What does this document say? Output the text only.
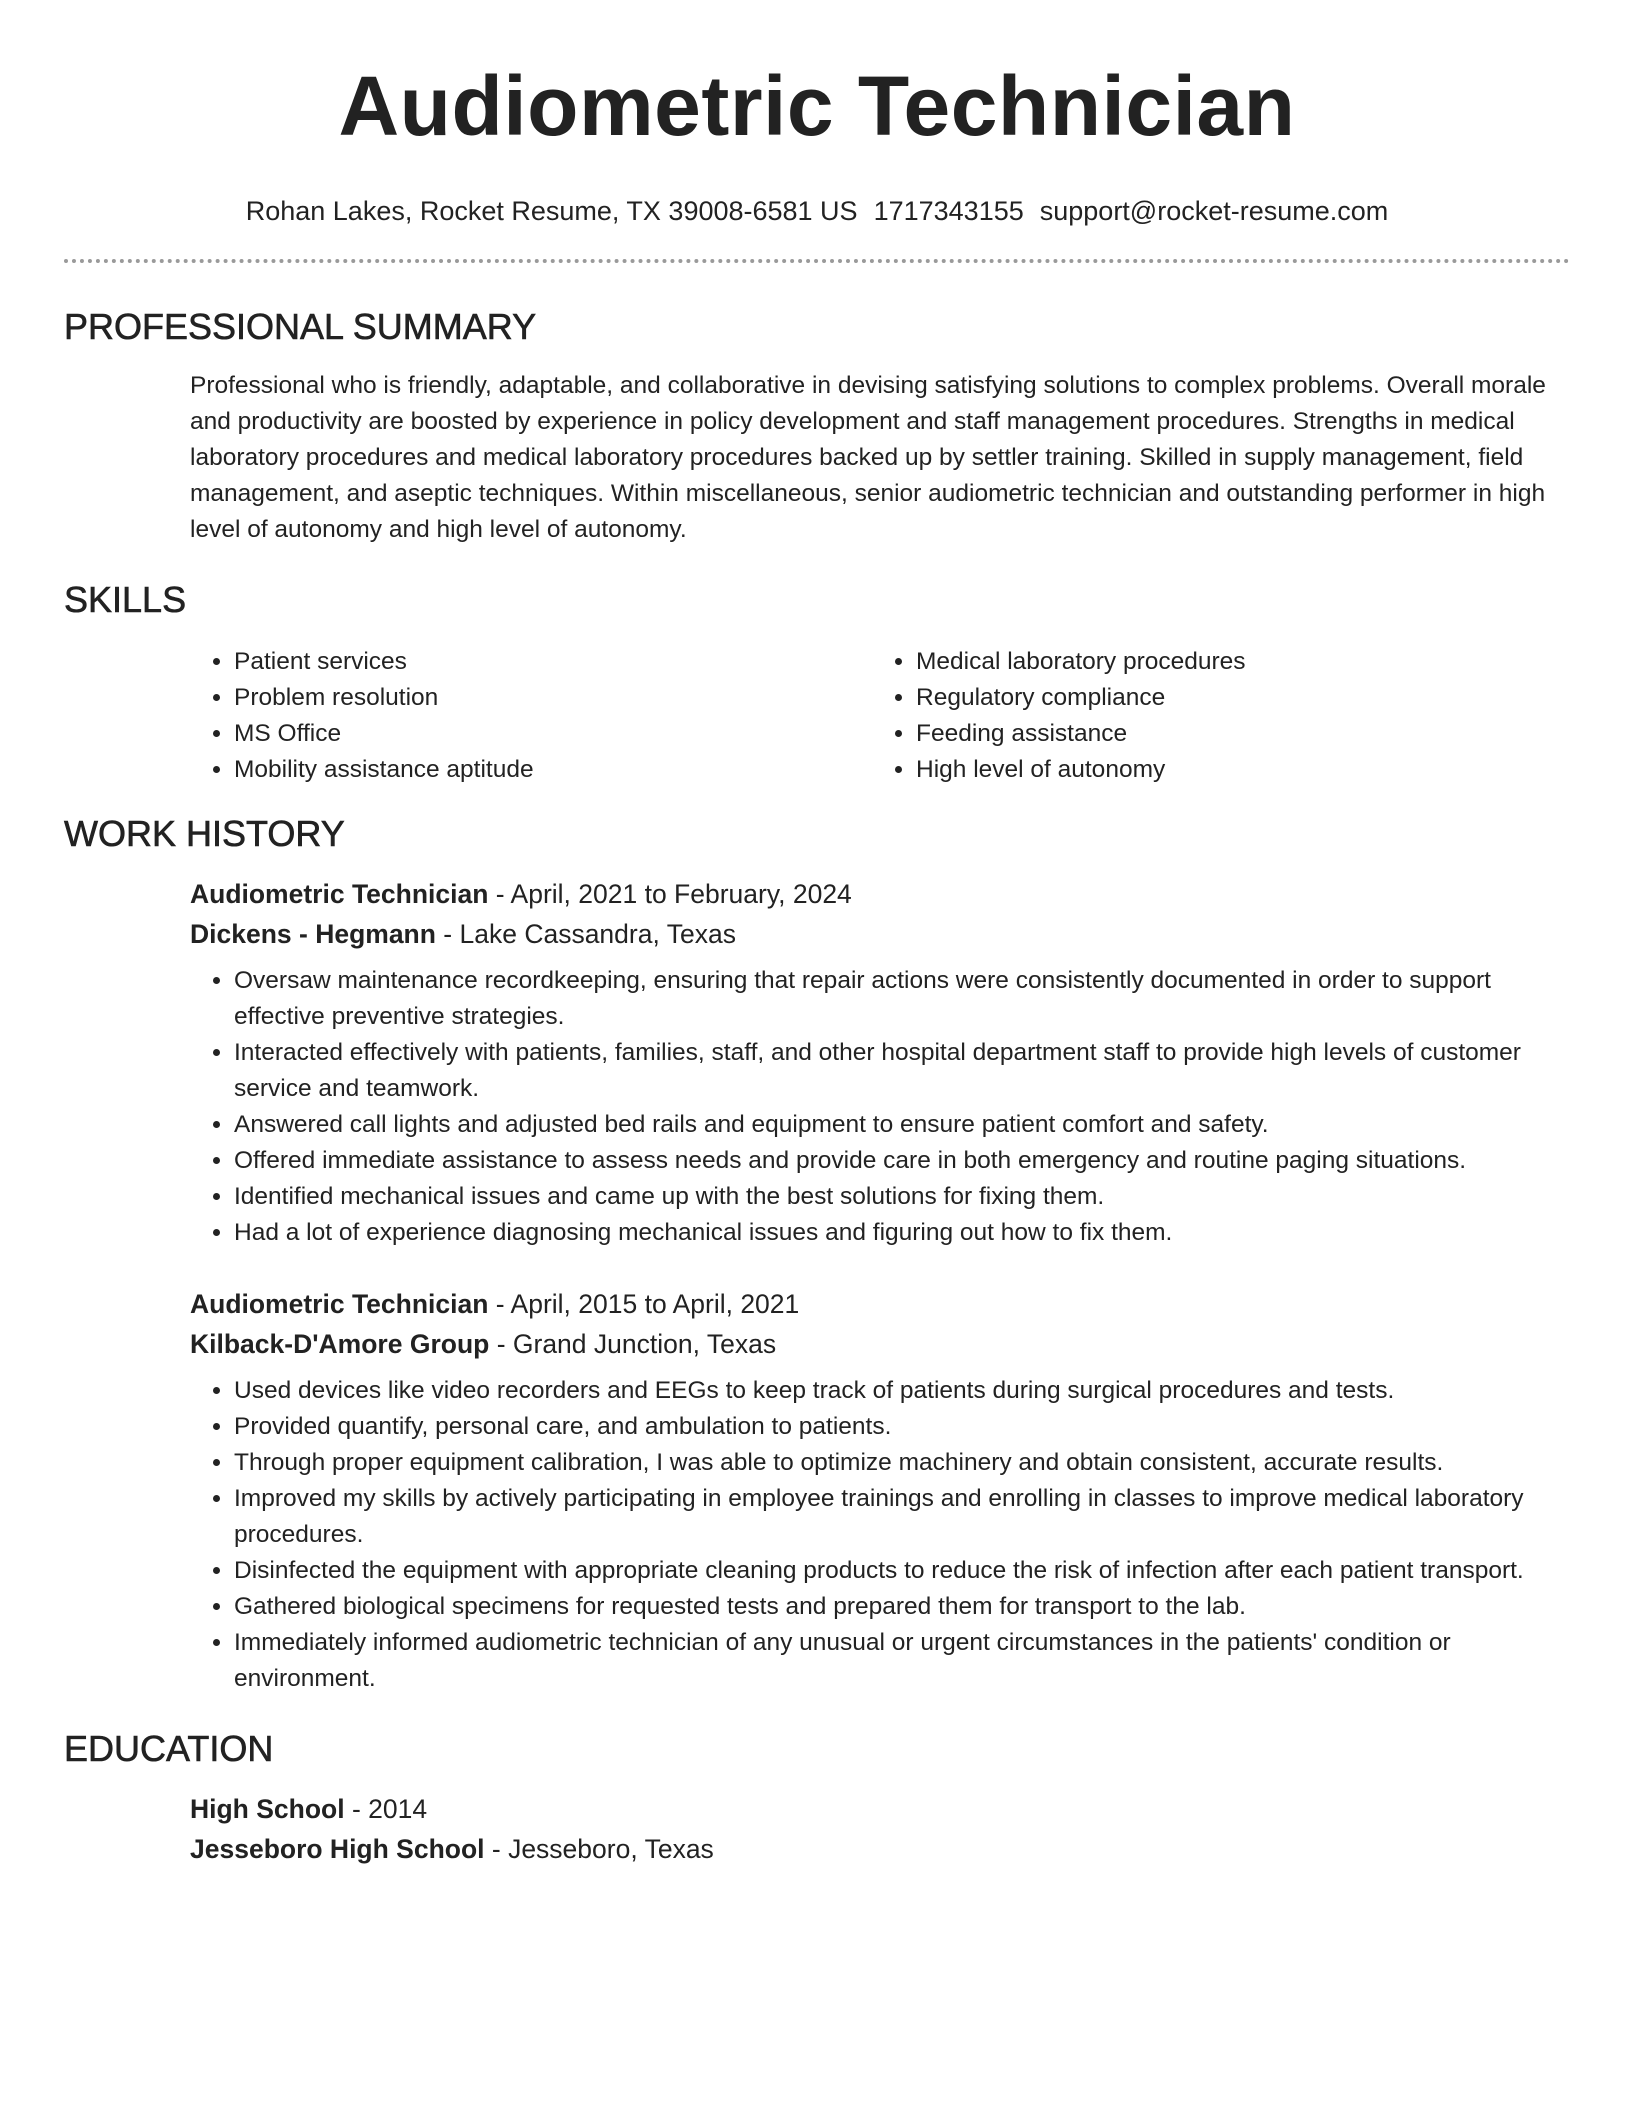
Audiometric Technician
Rohan Lakes, Rocket Resume, TX 39008-6581 US 1717343155 support@rocket-resume.com
PROFESSIONAL SUMMARY
Professional who is friendly, adaptable, and collaborative in devising satisfying solutions to complex problems. Overall morale and productivity are boosted by experience in policy development and staff management procedures. Strengths in medical laboratory procedures and medical laboratory procedures backed up by settler training. Skilled in supply management, field management, and aseptic techniques. Within miscellaneous, senior audiometric technician and outstanding performer in high level of autonomy and high level of autonomy.
SKILLS
• Patient services
• Problem resolution
• MS Office
• Mobility assistance aptitude
• Medical laboratory procedures
• Regulatory compliance
• Feeding assistance
• High level of autonomy
WORK HISTORY
Audiometric Technician - April, 2021 to February, 2024
Dickens - Hegmann - Lake Cassandra, Texas
• Oversaw maintenance recordkeeping, ensuring that repair actions were consistently documented in order to support effective preventive strategies.
• Interacted effectively with patients, families, staff, and other hospital department staff to provide high levels of customer service and teamwork.
• Answered call lights and adjusted bed rails and equipment to ensure patient comfort and safety.
• Offered immediate assistance to assess needs and provide care in both emergency and routine paging situations.
• Identified mechanical issues and came up with the best solutions for fixing them.
• Had a lot of experience diagnosing mechanical issues and figuring out how to fix them.
Audiometric Technician - April, 2015 to April, 2021
Kilback-D'Amore Group - Grand Junction, Texas
• Used devices like video recorders and EEGs to keep track of patients during surgical procedures and tests.
• Provided quantify, personal care, and ambulation to patients.
• Through proper equipment calibration, I was able to optimize machinery and obtain consistent, accurate results.
• Improved my skills by actively participating in employee trainings and enrolling in classes to improve medical laboratory procedures.
• Disinfected the equipment with appropriate cleaning products to reduce the risk of infection after each patient transport.
• Gathered biological specimens for requested tests and prepared them for transport to the lab.
• Immediately informed audiometric technician of any unusual or urgent circumstances in the patients' condition or environment.
EDUCATION
High School - 2014
Jesseboro High School - Jesseboro, Texas
